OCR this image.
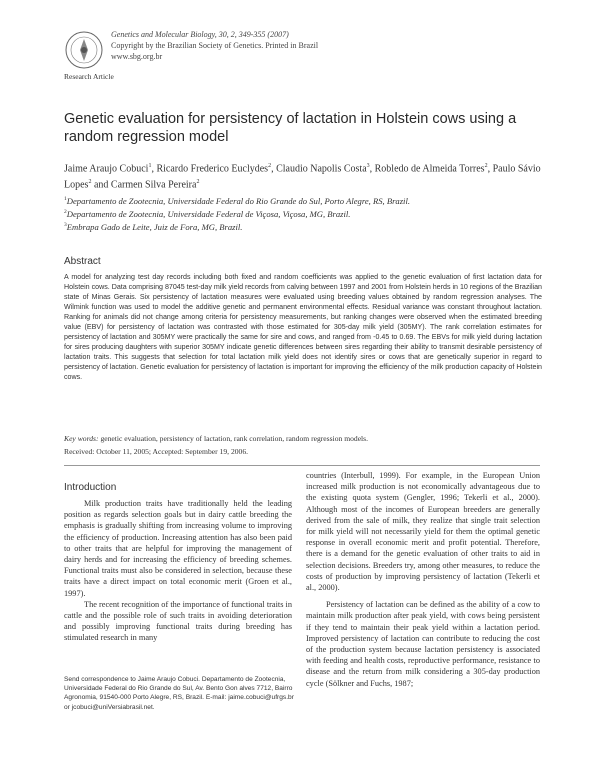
Genetics and Molecular Biology, 30, 2, 349-355 (2007)
Copyright by the Brazilian Society of Genetics. Printed in Brazil
www.sbg.org.br
Research Article
Genetic evaluation for persistency of lactation in Holstein cows using a random regression model
Jaime Araujo Cobuci$^1$, Ricardo Frederico Euclydes$^2$, Claudio Napolis Costa$^3$, Robledo de Almeida Torres$^2$, Paulo Sávio Lopes$^2$ and Carmen Silva Pereira$^2$
$^1$Departamento de Zootecnia, Universidade Federal do Rio Grande do Sul, Porto Alegre, RS, Brazil.
$^2$Departamento de Zootecnia, Universidade Federal de Viçosa, Viçosa, MG, Brazil.
$^3$Embrapa Gado de Leite, Juiz de Fora, MG, Brazil.
Abstract

A model for analyzing test day records including both fixed and random coefficients was applied to the genetic evaluation of first lactation data for Holstein cows. Data comprising 87045 test-day milk yield records from calving between 1997 and 2001 from Holstein herds in 10 regions of the Brazilian state of Minas Gerais. Six persistency of lactation measures were evaluated using breeding values obtained by random regression analyses. The Wilmink function was used to model the additive genetic and permanent environmental effects. Residual variance was constant throughout lactation. Ranking for animals did not change among criteria for persistency measurements, but ranking changes were observed when the estimated breeding value (EBV) for persistency of lactation was contrasted with those estimated for 305-day milk yield (305MY). The rank correlation estimates for persistency of lactation and 305MY were practically the same for sire and cows, and ranged from -0.45 to 0.69. The EBVs for milk yield during lactation for sires producing daughters with superior 305MY indicate genetic differences between sires regarding their ability to transmit desirable persistency of lactation traits. This suggests that selection for total lactation milk yield does not identify sires or cows that are genetically superior in regard to persistency of lactation. Genetic evaluation for persistency of lactation is important for improving the efficiency of the milk production capacity of Holstein cows.

Key words: genetic evaluation, persistency of lactation, rank correlation, random regression models.
Received: October 11, 2005; Accepted: September 19, 2006.
Introduction

Milk production traits have traditionally held the leading position as regards selection goals but in dairy cattle breeding the emphasis is gradually shifting from increasing volume to improving the efficiency of production. Increasing attention has also been paid to other traits that are helpful for improving the management of dairy herds and for increasing the efficiency of breeding schemes. Functional traits must also be considered in selection, because these traits have a direct impact on total economic merit (Groen et al., 1997).

The recent recognition of the importance of functional traits in cattle and the possible role of such traits in avoiding deterioration and possibly improving functional traits during breeding has stimulated research in many

countries (Interbull, 1999). For example, in the European Union increased milk production is not economically advantageous due to the existing quota system (Gengler, 1996; Tekerli et al., 2000). Although most of the incomes of European breeders are generally derived from the sale of milk, they realize that single trait selection for milk yield will not necessarily yield for them the optimal genetic response in overall economic merit and profit potential. Therefore, there is a demand for the genetic evaluation of other traits to aid in selection decisions. Breeders try, among other measures, to reduce the costs of production by improving persistency of lactation (Tekerli et al., 2000).

Persistency of lactation can be defined as the ability of a cow to maintain milk production after peak yield, with cows being persistent if they tend to maintain their peak yield within a lactation period. Improved persistency of lactation can contribute to reducing the cost of the production system because lactation persistency is associated with feeding and health costs, reproductive performance, resistance to disease and the return from milk considering a 305-day production cycle (Sölkner and Fuchs, 1987;

Send correspondence to Jaime Araujo Cobuci. Departamento de Zootecnia, Universidade Federal do Rio Grande do Sul, Av. Bento Gon alves 7712, Bairro Agronomia, 91540-000 Porto Alegre, RS, Brazil. E-mail: jaime.cobuci@ufrgs.br or jcobuci@uniVersiabrasil.net.
